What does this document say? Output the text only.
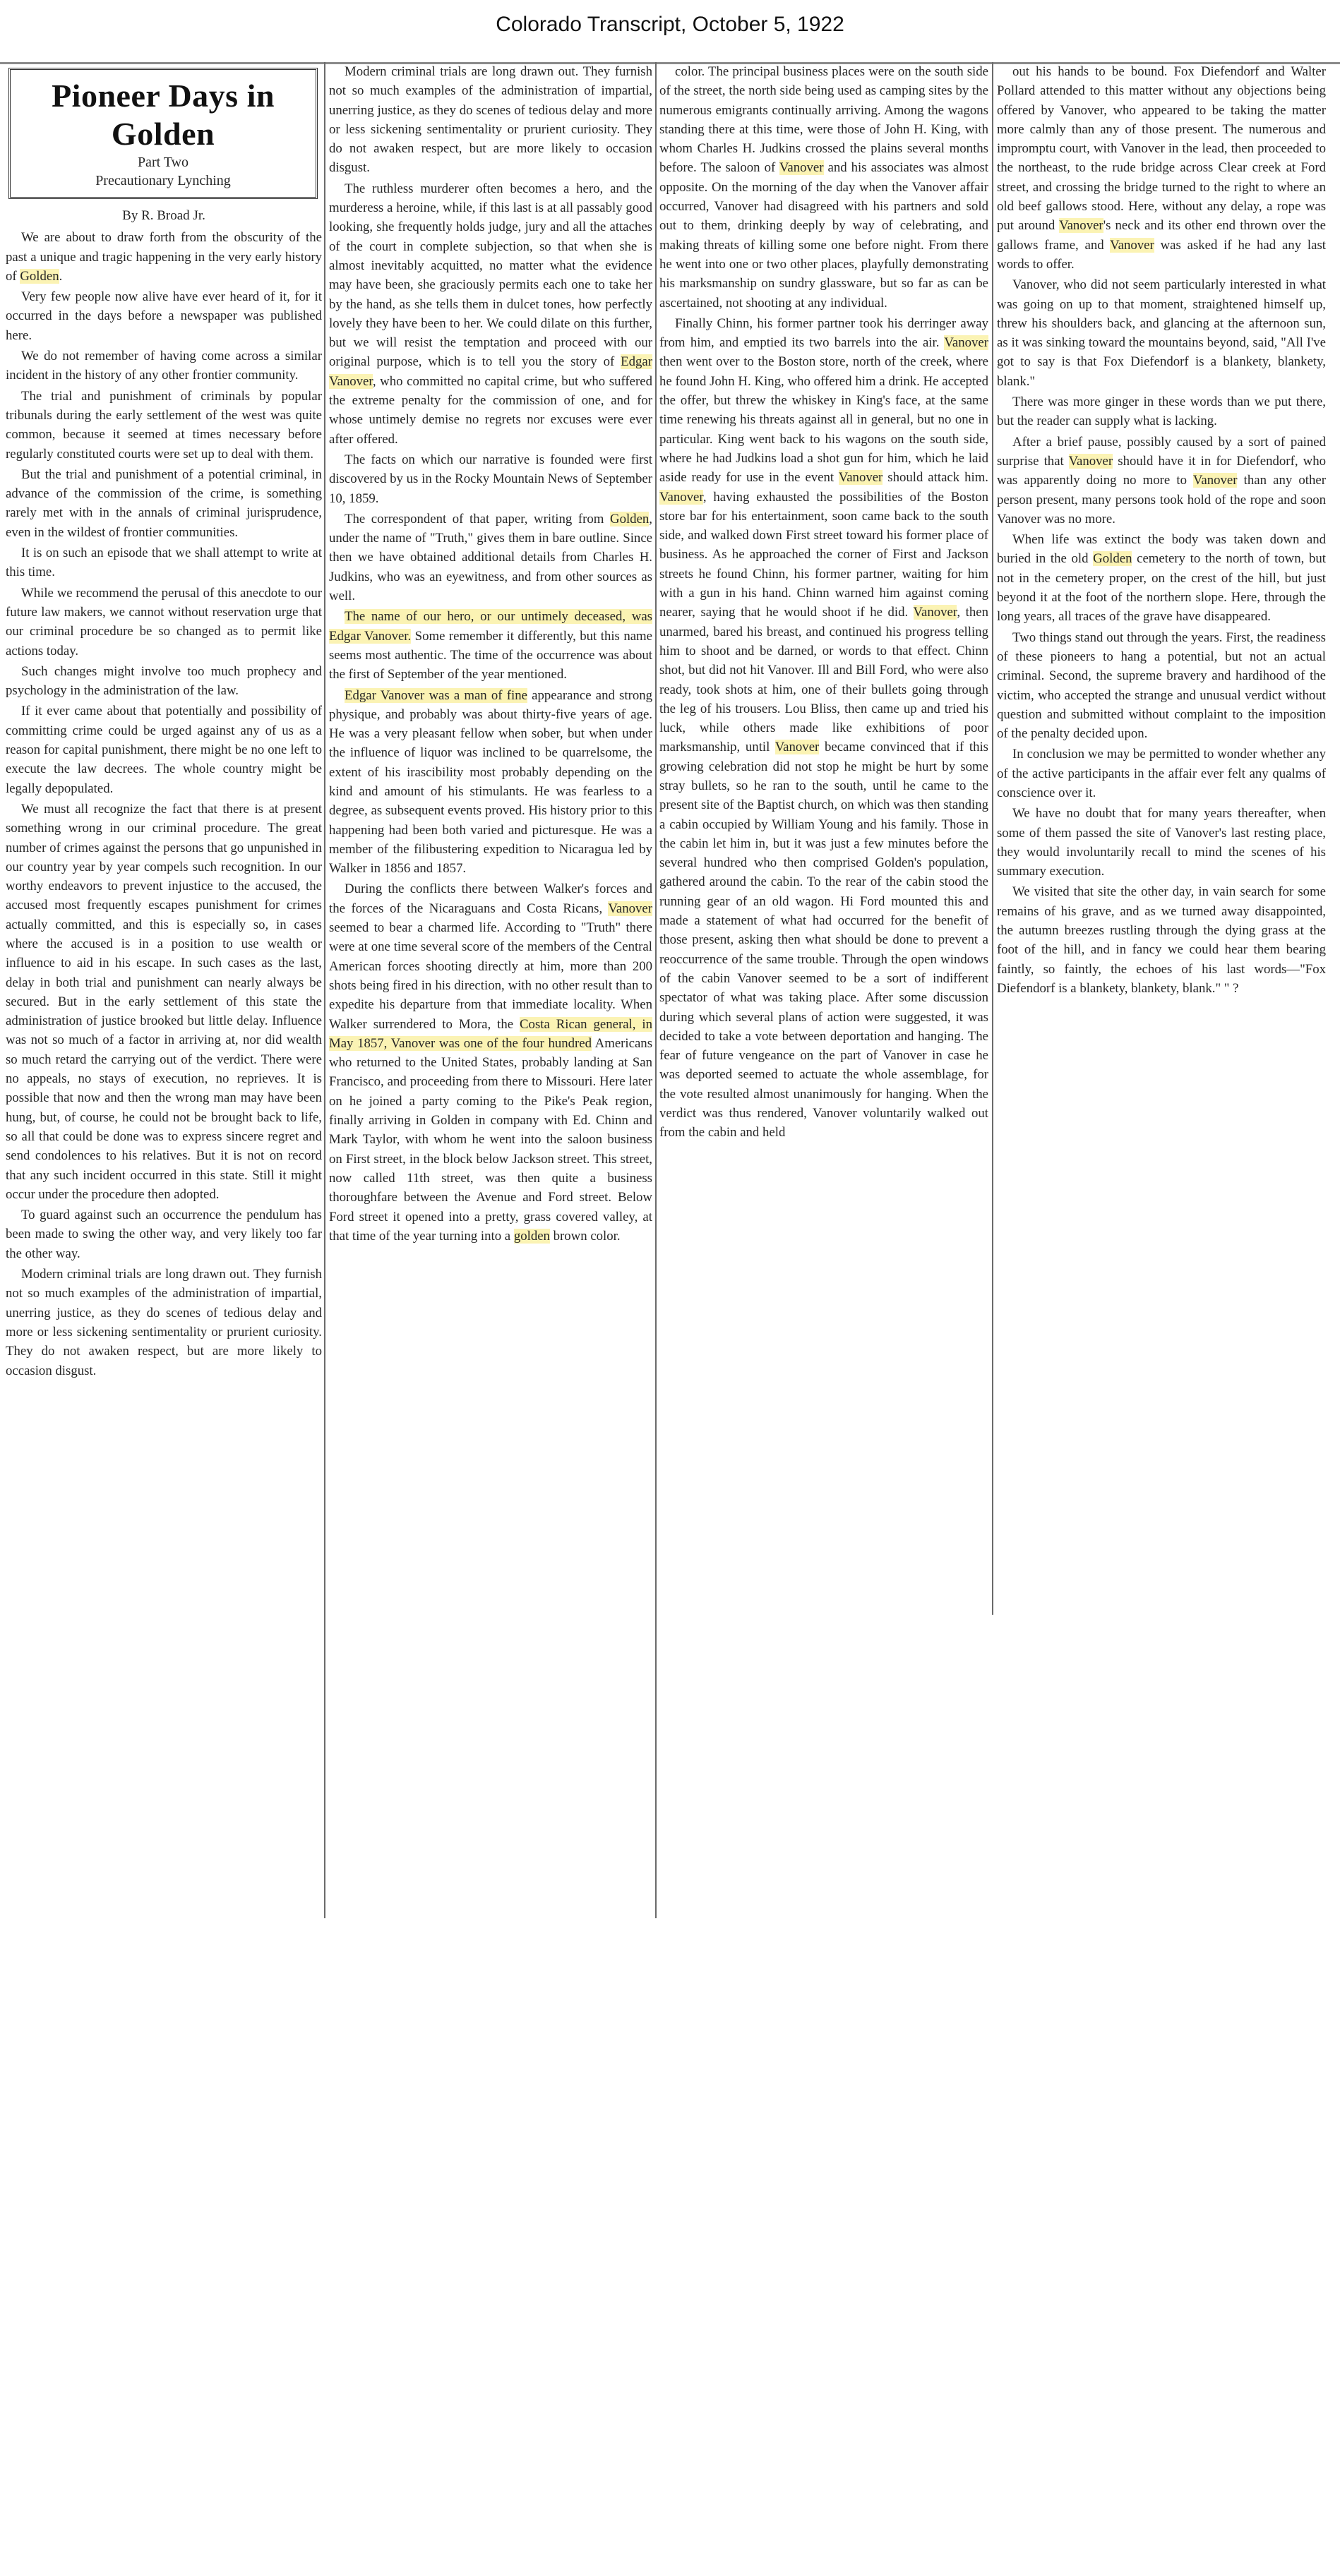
Colorado Transcript, October 5, 1922
Pioneer Days in Golden
Part Two
Precautionary Lynching

By R. Broad Jr.

We are about to draw forth from the obscurity of the past a unique and tragic happening in the very early history of Golden.

Very few people now alive have ever heard of it, for it occurred in the days before a newspaper was published here.

We do not remember of having come across a similar incident in the history of any other frontier community.

The trial and punishment of criminals by popular tribunals during the early settlement of the west was quite common, because it seemed at times necessary before regularly constituted courts were set up to deal with them.

But the trial and punishment of a potential criminal, in advance of the commission of the crime, is something rarely met with in the annals of criminal jurisprudence, even in the wildest of frontier communities.

It is on such an episode that we shall attempt to write at this time.

While we recommend the perusal of this anecdote to our future law makers, we cannot without reservation urge that our criminal procedure be so changed as to permit like actions today.

Such changes might involve too much prophecy and psychology in the administration of the law.

If it ever came about that potentially and possibility of committing crime could be urged against any of us as a reason for capital punishment, there might be no one left to execute the law decrees. The whole country might be legally depopulated.

We must all recognize the fact that there is at present something wrong in our criminal procedure. The great number of crimes against the persons that go unpunished in our country year by year compels such recognition. In our worthy endeavors to prevent injustice to the accused, the accused most frequently escapes punishment for crimes actually committed, and this is especially so, in cases where the accused is in a position to use wealth or influence to aid in his escape. In such cases as the last, delay in both trial and punishment can nearly always be secured. But in the early settlement of this state the administration of justice brooked but little delay. Influence was not so much of a factor in arriving at, nor did wealth so much retard the carrying out of the verdict. There were no appeals, no stays of execution, no reprieves. It is possible that now and then the wrong man may have been hung, but, of course, he could not be brought back to life, so all that could be done was to express sincere regret and send condolences to his relatives. But it is not on record that any such incident occurred in this state. Still it might occur under the procedure then adopted.

To guard against such an occurrence the pendulum has been made to swing the other way, and very likely too far the other way.

Modern criminal trials are long drawn out. They furnish not so much examples of the administration of impartial, unerring justice, as they do scenes of tedious delay and more or less sickening sentimentality or prurient curiosity. They do not awaken respect, but are more likely to occasion disgust.

Modern criminal trials are long drawn out. They furnish not so much examples of the administration of impartial, unerring justice, as they do scenes of tedious delay and more or less sickening sentimentality or prurient curiosity. They do not awaken respect, but are more likely to occasion disgust.

The ruthless murderer often becomes a hero, and the murderess a heroine, while, if this last is at all passably good looking, she frequently holds judge, jury and all the attaches of the court in complete subjection, so that when she is almost inevitably acquitted, no matter what the evidence may have been, she graciously permits each one to take her by the hand, as she tells them in dulcet tones, how perfectly lovely they have been to her. We could dilate on this further, but we will resist the temptation and proceed with our original purpose, which is to tell you the story of Edgar Vanover, who committed no capital crime, but who suffered the extreme penalty for the commission of one, and for whose untimely demise no regrets nor excuses were ever after offered.

The facts on which our narrative is founded were first discovered by us in the Rocky Mountain News of September 10, 1859.

The correspondent of that paper, writing from Golden, under the name of "Truth," gives them in bare outline. Since then we have obtained additional details from Charles H. Judkins, who was an eyewitness, and from other sources as well.

The name of our hero, or our untimely deceased, was Edgar Vanover. Some remember it differently, but this name seems most authentic. The time of the occurrence was about the first of September of the year mentioned.

Edgar Vanover was a man of fine appearance and strong physique, and probably was about thirty-five years of age. He was a very pleasant fellow when sober, but when under the influence of liquor was inclined to be quarrelsome, the extent of his irascibility most probably depending on the kind and amount of his stimulants. He was fearless to a degree, as subsequent events proved. His history prior to this happening had been both varied and picturesque. He was a member of the filibustering expedition to Nicaragua led by Walker in 1856 and 1857.

During the conflicts there between Walker's forces and the forces of the Nicaraguans and Costa Ricans, Vanover seemed to bear a charmed life. According to "Truth" there were at one time several score of the members of the Central American forces shooting directly at him, more than 200 shots being fired in his direction, with no other result than to expedite his departure from that immediate locality. When Walker surrendered to Mora, the Costa Rican general, in May 1857, Vanover was one of the four hundred Americans who returned to the United States, probably landing at San Francisco, and proceeding from there to Missouri. Here later on he joined a party coming to the Pike's Peak region, finally arriving in Golden in company with Ed. Chinn and Mark Taylor, with whom he went into the saloon business on First street, in the block below Jackson street. This street, now called 11th street, was then quite a business thoroughfare between the Avenue and Ford street. Below Ford street it opened into a pretty, grass covered valley, at that time of the year turning into a golden brown color.

color. The principal business places were on the south side of the street, the north side being used as camping sites by the numerous emigrants continually arriving. Among the wagons standing there at this time, were those of John H. King, with whom Charles H. Judkins crossed the plains several months before. The saloon of Vanover and his associates was almost opposite. On the morning of the day when the Vanover affair occurred, Vanover had disagreed with his partners and sold out to them, drinking deeply by way of celebrating, and making threats of killing some one before night. From there he went into one or two other places, playfully demonstrating his marksmanship on sundry glassware, but so far as can be ascertained, not shooting at any individual.

Finally Chinn, his former partner took his derringer away from him, and emptied its two barrels into the air. Vanover then went over to the Boston store, north of the creek, where he found John H. King, who offered him a drink. He accepted the offer, but threw the whiskey in King's face, at the same time renewing his threats against all in general, but no one in particular. King went back to his wagons on the south side, where he had Judkins load a shot gun for him, which he laid aside ready for use in the event Vanover should attack him. Vanover, having exhausted the possibilities of the Boston store bar for his entertainment, soon came back to the south side, and walked down First street toward his former place of business. As he approached the corner of First and Jackson streets he found Chinn, his former partner, waiting for him with a gun in his hand. Chinn warned him against coming nearer, saying that he would shoot if he did. Vanover, then unarmed, bared his breast, and continued his progress telling him to shoot and be darned, or words to that effect. Chinn shot, but did not hit Vanover. Ill and Bill Ford, who were also ready, took shots at him, one of their bullets going through the leg of his trousers. Lou Bliss, then came up and tried his luck, while others made like exhibitions of poor marksmanship, until Vanover became convinced that if this growing celebration did not stop he might be hurt by some stray bullets, so he ran to the south, until he came to the present site of the Baptist church, on which was then standing a cabin occupied by William Young and his family. Those in the cabin let him in, but it was just a few minutes before the several hundred who then comprised Golden's population, gathered around the cabin. To the rear of the cabin stood the running gear of an old wagon. Hi Ford mounted this and made a statement of what had occurred for the benefit of those present, asking then what should be done to prevent a reoccurrence of the same trouble. Through the open windows of the cabin Vanover seemed to be a sort of indifferent spectator of what was taking place. After some discussion during which several plans of action were suggested, it was decided to take a vote between deportation and hanging. The fear of future vengeance on the part of Vanover in case he was deported seemed to actuate the whole assemblage, for the vote resulted almost unanimously for hanging. When the verdict was thus rendered, Vanover voluntarily walked out from the cabin and held

out his hands to be bound. Fox Diefendorf and Walter Pollard attended to this matter without any objections being offered by Vanover, who appeared to be taking the matter more calmly than any of those present. The numerous and impromptu court, with Vanover in the lead, then proceeded to the northeast, to the rude bridge across Clear creek at Ford street, and crossing the bridge turned to the right to where an old beef gallows stood. Here, without any delay, a rope was put around Vanover's neck and its other end thrown over the gallows frame, and Vanover was asked if he had any last words to offer.

Vanover, who did not seem particularly interested in what was going on up to that moment, straightened himself up, threw his shoulders back, and glancing at the afternoon sun, as it was sinking toward the mountains beyond, said, "All I've got to say is that Fox Diefendorf is a blankety, blankety, blank."

There was more ginger in these words than we put there, but the reader can supply what is lacking.

After a brief pause, possibly caused by a sort of pained surprise that Vanover should have it in for Diefendorf, who was apparently doing no more to Vanover than any other person present, many persons took hold of the rope and soon Vanover was no more.

When life was extinct the body was taken down and buried in the old Golden cemetery to the north of town, but not in the cemetery proper, on the crest of the hill, but just beyond it at the foot of the northern slope. Here, through the long years, all traces of the grave have disappeared.

Two things stand out through the years. First, the readiness of these pioneers to hang a potential, but not an actual criminal. Second, the supreme bravery and hardihood of the victim, who accepted the strange and unusual verdict without question and submitted without complaint to the imposition of the penalty decided upon.

In conclusion we may be permitted to wonder whether any of the active participants in the affair ever felt any qualms of conscience over it.

We have no doubt that for many years thereafter, when some of them passed the site of Vanover's last resting place, they would involuntarily recall to mind the scenes of his summary execution.

We visited that site the other day, in vain search for some remains of his grave, and as we turned away disappointed, the autumn breezes rustling through the dying grass at the foot of the hill, and in fancy we could hear them bearing faintly, so faintly, the echoes of his last words—"Fox Diefendorf is a blankety, blankety, blank." " ?
